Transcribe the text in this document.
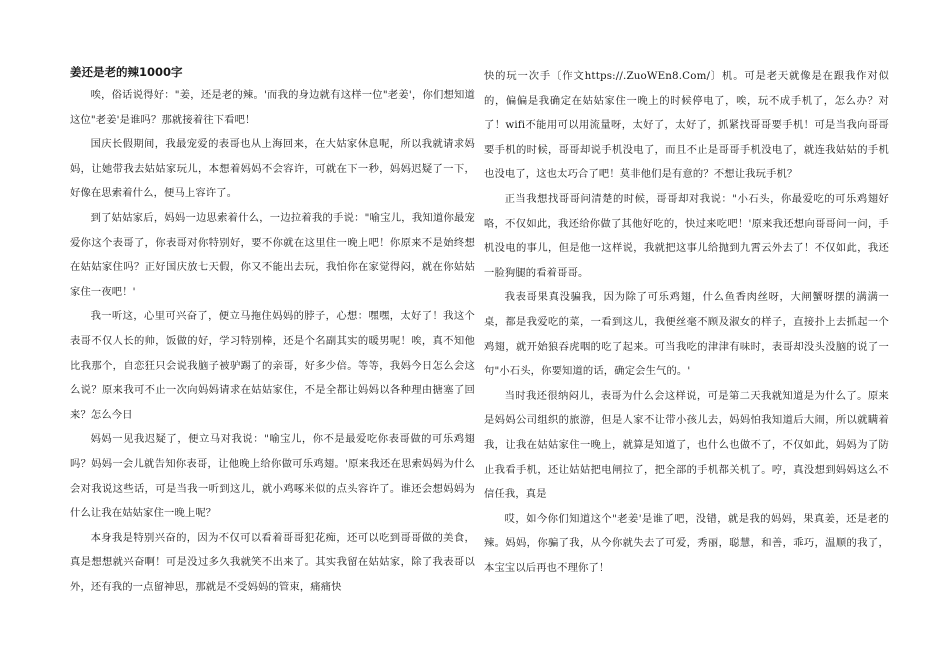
姜还是老的辣1000字

唉，俗话说得好："姜，还是老的辣。'而我的身边就有这样一位"老姜'，你们想知道这位"老姜'是谁吗？那就接着往下看吧！

国庆长假期间，我最宠爱的表哥也从上海回来，在大姑家休息呢，所以我就请求妈妈，让她带我去姑姑家玩儿，本想着妈妈不会容许，可就在下一秒，妈妈迟疑了一下，好像在思索着什么，便马上容许了。

到了姑姑家后，妈妈一边思索着什么，一边拉着我的手说："喻宝儿，我知道你最宠爱你这个表哥了，你表哥对你特别好，要不你就在这里住一晚上吧！你原来不是始终想在姑姑家住吗？正好国庆放七天假，你又不能出去玩，我怕你在家觉得闷，就在你姑姑家住一夜吧！'

我一听这，心里可兴奋了，便立马拖住妈妈的脖子，心想：嘿嘿，太好了！我这个表哥不仅人长的帅，饭做的好，学习特别棒，还是个名副其实的暖男呢！唉，真不知他比我那个，自恋狂只会说我脑子被驴踢了的亲哥，好多少倍。等等，我妈今日怎么会这么说？原来我可不止一次向妈妈请求在姑姑家住，不是全都让妈妈以各种理由搪塞了回来？怎么今日

妈妈一见我迟疑了，便立马对我说："喻宝儿，你不是最爱吃你表哥做的可乐鸡翅吗？妈妈一会儿就告知你表哥，让他晚上给你做可乐鸡翅。'原来我还在思索妈妈为什么会对我说这些话，可是当我一听到这儿，就小鸡啄米似的点头容许了。谁还会想妈妈为什么让我在姑姑家住一晚上呢？

本身我是特别兴奋的，因为不仅可以看着哥哥犯花痴，还可以吃到哥哥做的美食，真是想想就兴奋啊！可是没过多久我就笑不出来了。其实我留在姑姑家，除了我表哥以外，还有我的一点留神思，那就是不受妈妈的管束，痛痛快

快的玩一次手〔作文https://.ZuoWEn8.Com/〕机。可是老天就像是在跟我作对似的，偏偏是我确定在姑姑家住一晚上的时候停电了，唉，玩不成手机了，怎么办？对了！wifi不能用可以用流量呀，太好了，太好了，抓紧找哥哥要手机！可是当我向哥哥要手机的时候，哥哥却说手机没电了，而且不止是哥哥手机没电了，就连我姑姑的手机也没电了，这也太巧合了吧！莫非他们是有意的？不想让我玩手机？

正当我想找哥哥问清楚的时候，哥哥却对我说："小石头，你最爱吃的可乐鸡翅好咯，不仅如此，我还给你做了其他好吃的，快过来吃吧！'原来我还想向哥哥问一问，手机没电的事儿，但是他一这样说，我就把这事儿给抛到九霄云外去了！不仅如此，我还一脸狗腿的看着哥哥。

我表哥果真没骗我，因为除了可乐鸡翅，什么鱼香肉丝呀，大闸蟹呀摆的满满一桌，都是我爱吃的菜，一看到这儿，我便丝毫不顾及淑女的样子，直接扑上去抓起一个鸡翅，就开始狼吞虎咽的吃了起来。可当我吃的津津有味时，表哥却没头没脑的说了一句"小石头，你要知道的话，确定会生气的。'

当时我还很纳闷儿，表哥为什么会这样说，可是第二天我就知道是为什么了。原来是妈妈公司组织的旅游，但是人家不让带小孩儿去，妈妈怕我知道后大闹，所以就瞒着我，让我在姑姑家住一晚上，就算是知道了，也什么也做不了，不仅如此，妈妈为了防止我看手机，还让姑姑把电闸拉了，把全部的手机都关机了。哼，真没想到妈妈这么不信任我，真是

哎，如今你们知道这个"老姜'是谁了吧，没错，就是我的妈妈，果真姜，还是老的辣。妈妈，你骗了我，从今你就失去了可爱，秀丽，聪慧，和善，乖巧，温顺的我了，本宝宝以后再也不理你了！
